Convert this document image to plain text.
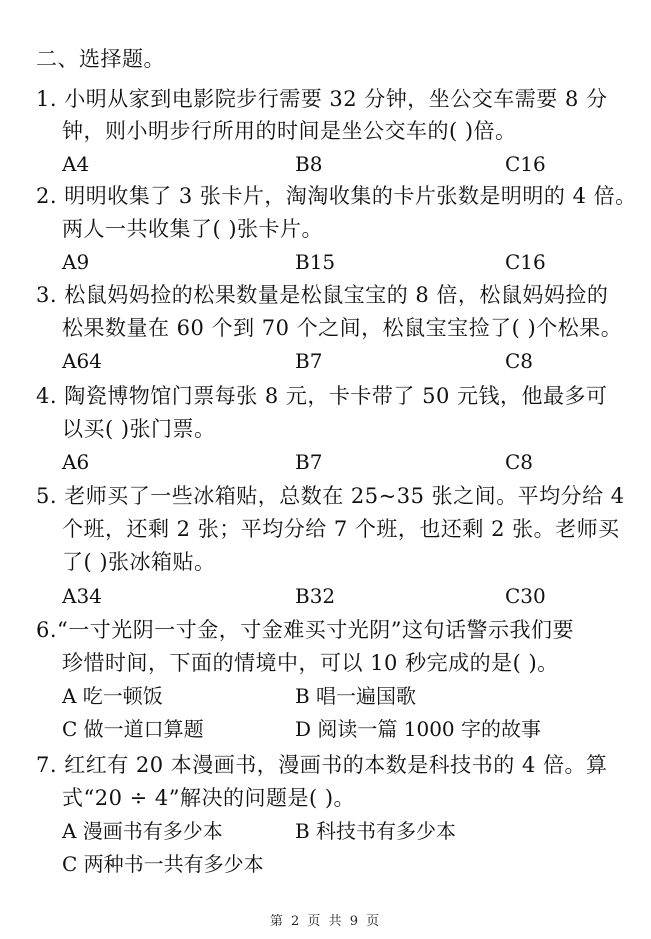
二、选择题。
1. 小明从家到电影院步行需要 32 分钟，坐公交车需要 8 分
钟，则小明步行所用的时间是坐公交车的( )倍。
A4	B8	C16
2. 明明收集了 3 张卡片，淘淘收集的卡片张数是明明的 4 倍。
两人一共收集了( )张卡片。
A9	B15	C16
3. 松鼠妈妈捡的松果数量是松鼠宝宝的 8 倍，松鼠妈妈捡的
松果数量在 60 个到 70 个之间，松鼠宝宝捡了( )个松果。
A64	B7	C8
4. 陶瓷博物馆门票每张 8 元，卡卡带了 50 元钱，他最多可
以买( )张门票。
A6	B7	C8
5. 老师买了一些冰箱贴，总数在 25~35 张之间。平均分给 4
个班，还剩 2 张；平均分给 7 个班，也还剩 2 张。老师买
了( )张冰箱贴。
A34	B32	C30
6.“一寸光阴一寸金，寸金难买寸光阴”这句话警示我们要
珍惜时间，下面的情境中，可以 10 秒完成的是( )。
A 吃一顿饭	B 唱一遍国歌
C 做一道口算题	D 阅读一篇 1000 字的故事
7. 红红有 20 本漫画书，漫画书的本数是科技书的 4 倍。算
式“20 ÷ 4”解决的问题是( )。
A 漫画书有多少本	B 科技书有多少本
C 两种书一共有多少本
第 2 页 共 9 页
